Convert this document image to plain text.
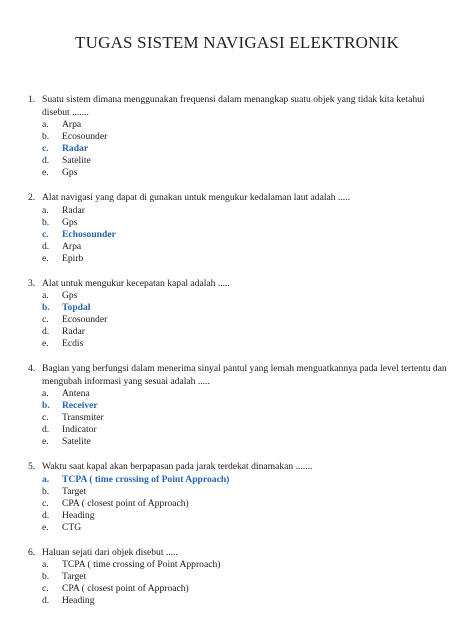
TUGAS SISTEM NAVIGASI ELEKTRONIK
1. Suatu sistem dimana menggunakan frequensi dalam menangkap suatu objek yang tidak kita ketahui disebut .......
a.	Arpa
b.	Ecosounder
c.	Radar
d.	Satelite
e.	Gps
2. Alat navigasi yang dapat di gunakan untuk mengukur kedalaman laut adalah .....
a.	Radar
b.	Gps
c.	Echosounder
d.	Arpa
e.	Epirb
3. Alat untuk mengukur kecepatan kapal adalah .....
a.	Gps
b.	Topdal
c.	Ecosounder
d.	Radar
e.	Ecdis
4. Bagian yang berfungsi dalam menerima sinyal pantul yang lemah menguatkannya pada level tertentu dan mengubah informasi yang sesuai adalah .....
a.	Antena
b.	Receiver
c.	Transmiter
d.	Indicator
e.	Satelite
5. Waktu saat kapal akan berpapasan pada jarak terdekat dinamakan .......
a.	TCPA ( time crossing of Point Approach)
b.	Target
c.	CPA ( closest point of Approach)
d.	Heading
e.	CTG
6. Haluan sejati dari objek disebut .....
a.	TCPA ( time crossing of Point Approach)
b.	Target
c.	CPA ( closest point of Approach)
d.	Heading
